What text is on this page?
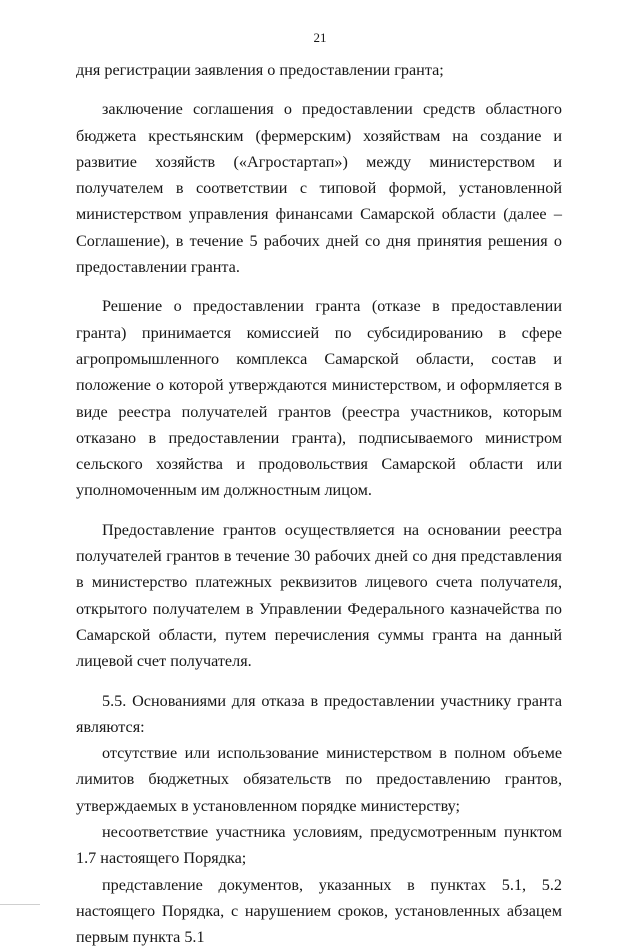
21

дня регистрации заявления о предоставлении гранта;

заключение соглашения о предоставлении средств областного бюджета крестьянским (фермерским) хозяйствам на создание и развитие хозяйств («Агростартап») между министерством и получателем в соответствии с типовой формой, установленной министерством управления финансами Самарской области (далее – Соглашение), в течение 5 рабочих дней со дня принятия решения о предоставлении гранта.

Решение о предоставлении гранта (отказе в предоставлении гранта) принимается комиссией по субсидированию в сфере агропромышленного комплекса Самарской области, состав и положение о которой утверждаются министерством, и оформляется в виде реестра получателей грантов (реестра участников, которым отказано в предоставлении гранта), подписываемого министром сельского хозяйства и продовольствия Самарской области или уполномоченным им должностным лицом.

Предоставление грантов осуществляется на основании реестра получателей грантов в течение 30 рабочих дней со дня представления в министерство платежных реквизитов лицевого счета получателя, открытого получателем в Управлении Федерального казначейства по Самарской области, путем перечисления суммы гранта на данный лицевой счет получателя.

5.5. Основаниями для отказа в предоставлении участнику гранта являются:

отсутствие или использование министерством в полном объеме лимитов бюджетных обязательств по предоставлению грантов, утверждаемых в установленном порядке министерству;

несоответствие участника условиям, предусмотренным пунктом 1.7 настоящего Порядка;

представление документов, указанных в пунктах 5.1, 5.2 настоящего Порядка, с нарушением сроков, установленных абзацем первым пункта 5.1
